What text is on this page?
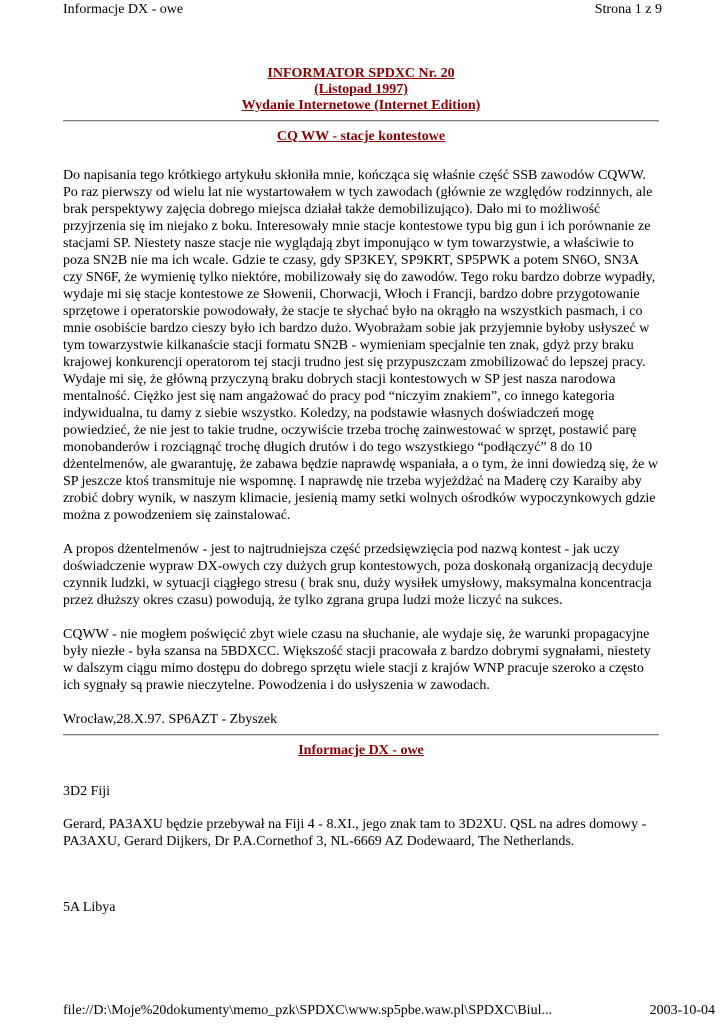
Informacje DX - owe	Strona 1 z 9
INFORMATOR SPDXC Nr. 20
(Listopad 1997)
Wydanie Internetowe (Internet Edition)
CQ WW - stacje kontestowe

Do napisania tego krótkiego artykułu skłoniła mnie, kończąca się właśnie część SSB zawodów CQWW. Po raz pierwszy od wielu lat nie wystartowałem w tych zawodach (głównie ze względów rodzinnych, ale brak perspektywy zajęcia dobrego miejsca działał także demobilizująco). Dało mi to możliwość przyjrzenia się im niejako z boku. Interesowały mnie stacje kontestowe typu big gun i ich porównanie ze stacjami SP. Niestety nasze stacje nie wyglądają zbyt imponująco w tym towarzystwie, a właściwie to poza SN2B nie ma ich wcale. Gdzie te czasy, gdy SP3KEY, SP9KRT, SP5PWK a potem SN6O, SN3A czy SN6F, że wymienię tylko niektóre, mobilizowały się do zawodów. Tego roku bardzo dobrze wypadły, wydaje mi się stacje kontestowe ze Słowenii, Chorwacji, Włoch i Francji, bardzo dobre przygotowanie sprzętowe i operatorskie powodowały, że stacje te słychać było na okrągło na wszystkich pasmach, i co mnie osobiście bardzo cieszy było ich bardzo dużo. Wyobrażam sobie jak przyjemnie byłoby usłyszeć w tym towarzystwie kilkanaście stacji formatu SN2B - wymieniam specjalnie ten znak, gdyż przy braku krajowej konkurencji operatorom tej stacji trudno jest się przypuszczam zmobilizować do lepszej pracy. Wydaje mi się, że główną przyczyną braku dobrych stacji kontestowych w SP jest nasza narodowa mentalność. Ciężko jest się nam angażować do pracy pod “niczyim znakiem”, co innego kategoria indywidualna, tu damy z siebie wszystko. Koledzy, na podstawie własnych doświadczeń mogę powiedzieć, że nie jest to takie trudne, oczywiście trzeba trochę zainwestować w sprzęt, postawić parę monobanderów i rozciągnąć trochę długich drutów i do tego wszystkiego “podłączyć” 8 do 10 dżentelmenów, ale gwarantuję, że zabawa będzie naprawdę wspaniała, a o tym, że inni dowiedzą się, że w SP jeszcze ktoś transmituje nie wspomnę. I naprawdę nie trzeba wyjeżdżać na Maderę czy Karaiby aby zrobić dobry wynik, w naszym klimacie, jesienią mamy setki wolnych ośrodków wypoczynkowych gdzie można z powodzeniem się zainstalować.

A propos dżentelmenów - jest to najtrudniejsza część przedsięwzięcia pod nazwą kontest - jak uczy doświadczenie wypraw DX-owych czy dużych grup kontestowych, poza doskonałą organizacją decyduje czynnik ludzki, w sytuacji ciągłego stresu ( brak snu, duży wysiłek umysłowy, maksymalna koncentracja przez dłuższy okres czasu) powodują, że tylko zgrana grupa ludzi może liczyć na sukces.

CQWW - nie mogłem poświęcić zbyt wiele czasu na słuchanie, ale wydaje się, że warunki propagacyjne były niezłe - była szansa na 5BDXCC. Większość stacji pracowała z bardzo dobrymi sygnałami, niestety w dalszym ciągu mimo dostępu do dobrego sprzętu wiele stacji z krajów WNP pracuje szeroko a często ich sygnały są prawie nieczytelne. Powodzenia i do usłyszenia w zawodach.

Wrocław,28.X.97. SP6AZT - Zbyszek

Informacje DX - owe

3D2 Fiji

Gerard, PA3AXU będzie przebywał na Fiji 4 - 8.XI., jego znak tam to 3D2XU. QSL na adres domowy - PA3AXU, Gerard Dijkers, Dr P.A.Cornethof 3, NL-6669 AZ Dodewaard, The Netherlands.

5A Libya

file://D:\Moje%20dokumenty\memo_pzk\SPDXC\www.sp5pbe.waw.pl\SPDXC\Biul...	2003-10-04
